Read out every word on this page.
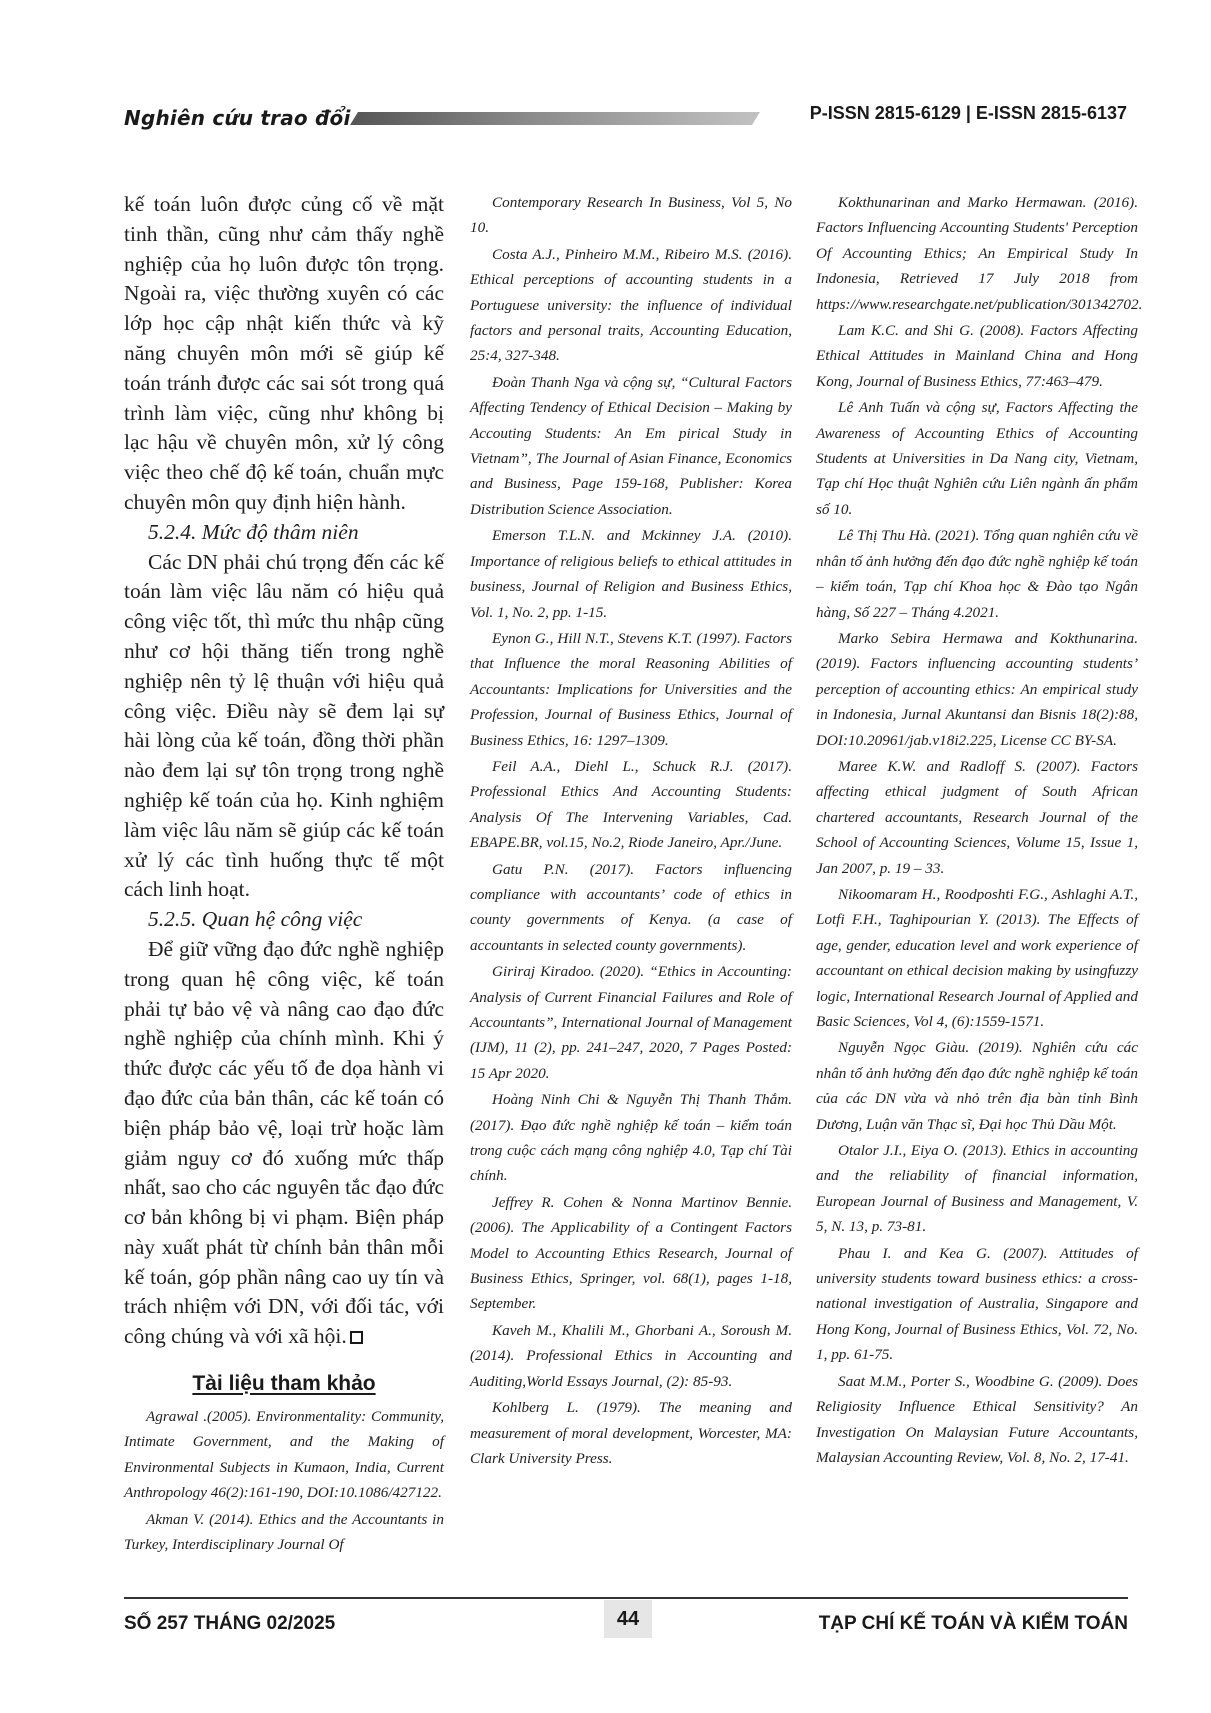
Nghiên cứu trao đổi	P-ISSN 2815-6129 | E-ISSN 2815-6137

kế toán luôn được củng cố về mặt tinh thần, cũng như cảm thấy nghề nghiệp của họ luôn được tôn trọng. Ngoài ra, việc thường xuyên có các lớp học cập nhật kiến thức và kỹ năng chuyên môn mới sẽ giúp kế toán tránh được các sai sót trong quá trình làm việc, cũng như không bị lạc hậu về chuyên môn, xử lý công việc theo chế độ kế toán, chuẩn mực chuyên môn quy định hiện hành.

5.2.4. Mức độ thâm niên

Các DN phải chú trọng đến các kế toán làm việc lâu năm có hiệu quả công việc tốt, thì mức thu nhập cũng như cơ hội thăng tiến trong nghề nghiệp nên tỷ lệ thuận với hiệu quả công việc. Điều này sẽ đem lại sự hài lòng của kế toán, đồng thời phần nào đem lại sự tôn trọng trong nghề nghiệp kế toán của họ. Kinh nghiệm làm việc lâu năm sẽ giúp các kế toán xử lý các tình huống thực tế một cách linh hoạt.

5.2.5. Quan hệ công việc

Để giữ vững đạo đức nghề nghiệp trong quan hệ công việc, kế toán phải tự bảo vệ và nâng cao đạo đức nghề nghiệp của chính mình. Khi ý thức được các yếu tố đe dọa hành vi đạo đức của bản thân, các kế toán có biện pháp bảo vệ, loại trừ hoặc làm giảm nguy cơ đó xuống mức thấp nhất, sao cho các nguyên tắc đạo đức cơ bản không bị vi phạm. Biện pháp này xuất phát từ chính bản thân mỗi kế toán, góp phần nâng cao uy tín và trách nhiệm với DN, với đối tác, với công chúng và với xã hội.

Tài liệu tham khảo

Agrawal .(2005). Environmentality: Community, Intimate Government, and the Making of Environmental Subjects in Kumaon, India, Current Anthropology 46(2):161-190, DOI:10.1086/427122.

Akman V. (2014). Ethics and the Accountants in Turkey, Interdisciplinary Journal Of

Contemporary Research In Business, Vol 5, No 10.

Costa A.J., Pinheiro M.M., Ribeiro M.S. (2016). Ethical perceptions of accounting students in a Portuguese university: the influence of individual factors and personal traits, Accounting Education, 25:4, 327-348.

Đoàn Thanh Nga và cộng sự, “Cultural Factors Affecting Tendency of Ethical Decision – Making by Accouting Students: An Em pirical Study in Vietnam”, The Journal of Asian Finance, Economics and Business, Page 159-168, Publisher: Korea Distribution Science Association.

Emerson T.L.N. and Mckinney J.A. (2010). Importance of religious beliefs to ethical attitudes in business, Journal of Religion and Business Ethics, Vol. 1, No. 2, pp. 1-15.

Eynon G., Hill N.T., Stevens K.T. (1997). Factors that Influence the moral Reasoning Abilities of Accountants: Implications for Universities and the Profession, Journal of Business Ethics, Journal of Business Ethics, 16: 1297–1309.

Feil A.A., Diehl L., Schuck R.J. (2017). Professional Ethics And Accounting Students: Analysis Of The Intervening Variables, Cad. EBAPE.BR, vol.15, No.2, Riode Janeiro, Apr./June.

Gatu P.N. (2017). Factors influencing compliance with accountants’ code of ethics in county governments of Kenya. (a case of accountants in selected county governments).

Giriraj Kiradoo. (2020). “Ethics in Accounting: Analysis of Current Financial Failures and Role of Accountants”, International Journal of Management (IJM), 11 (2), pp. 241–247, 2020, 7 Pages Posted: 15 Apr 2020.

Hoàng Ninh Chi & Nguyễn Thị Thanh Thắm. (2017). Đạo đức nghề nghiệp kế toán – kiểm toán trong cuộc cách mạng công nghiệp 4.0, Tạp chí Tài chính.

Jeffrey R. Cohen & Nonna Martinov Bennie. (2006). The Applicability of a Contingent Factors Model to Accounting Ethics Research, Journal of Business Ethics, Springer, vol. 68(1), pages 1-18, September.

Kaveh M., Khalili M., Ghorbani A., Soroush M. (2014). Professional Ethics in Accounting and Auditing,World Essays Journal, (2): 85-93.

Kohlberg L. (1979). The meaning and measurement of moral development, Worcester, MA: Clark University Press.

Kokthunarinan and Marko Hermawan. (2016). Factors Influencing Accounting Students' Perception Of Accounting Ethics; An Empirical Study In Indonesia, Retrieved 17 July 2018 from https://www.researchgate.net/publication/301342702.

Lam K.C. and Shi G. (2008). Factors Affecting Ethical Attitudes in Mainland China and Hong Kong, Journal of Business Ethics, 77:463–479.

Lê Anh Tuấn và cộng sự, Factors Affecting the Awareness of Accounting Ethics of Accounting Students at Universities in Da Nang city, Vietnam, Tạp chí Học thuật Nghiên cứu Liên ngành ấn phẩm số 10.

Lê Thị Thu Hà. (2021). Tổng quan nghiên cứu về nhân tố ảnh hưởng đến đạo đức nghề nghiệp kế toán – kiểm toán, Tạp chí Khoa học & Đào tạo Ngân hàng, Số 227 – Tháng 4.2021.

Marko Sebira Hermawa and Kokthunarina. (2019). Factors influencing accounting students’ perception of accounting ethics: An empirical study in Indonesia, Jurnal Akuntansi dan Bisnis 18(2):88, DOI:10.20961/jab.v18i2.225, License CC BY-SA.

Maree K.W. and Radloff S. (2007). Factors affecting ethical judgment of South African chartered accountants, Research Journal of the School of Accounting Sciences, Volume 15, Issue 1, Jan 2007, p. 19 – 33.

Nikoomaram H., Roodposhti F.G., Ashlaghi A.T., Lotfi F.H., Taghipourian Y. (2013). The Effects of age, gender, education level and work experience of accountant on ethical decision making by usingfuzzy logic, International Research Journal of Applied and Basic Sciences, Vol 4, (6):1559-1571.

Nguyễn Ngọc Giàu. (2019). Nghiên cứu các nhân tố ảnh hưởng đến đạo đức nghề nghiệp kế toán của các DN vừa và nhỏ trên địa bàn tỉnh Bình Dương, Luận văn Thạc sĩ, Đại học Thủ Dầu Một.

Otalor J.I., Eiya O. (2013). Ethics in accounting and the reliability of financial information, European Journal of Business and Management, V. 5, N. 13, p. 73-81.

Phau I. and Kea G. (2007). Attitudes of university students toward business ethics: a cross-national investigation of Australia, Singapore and Hong Kong, Journal of Business Ethics, Vol. 72, No. 1, pp. 61-75.

Saat M.M., Porter S., Woodbine G. (2009). Does Religiosity Influence Ethical Sensitivity? An Investigation On Malaysian Future Accountants, Malaysian Accounting Review, Vol. 8, No. 2, 17-41.

SỐ 257 THÁNG 02/2025	44	TẠP CHÍ KẾ TOÁN VÀ KIỂM TOÁN
